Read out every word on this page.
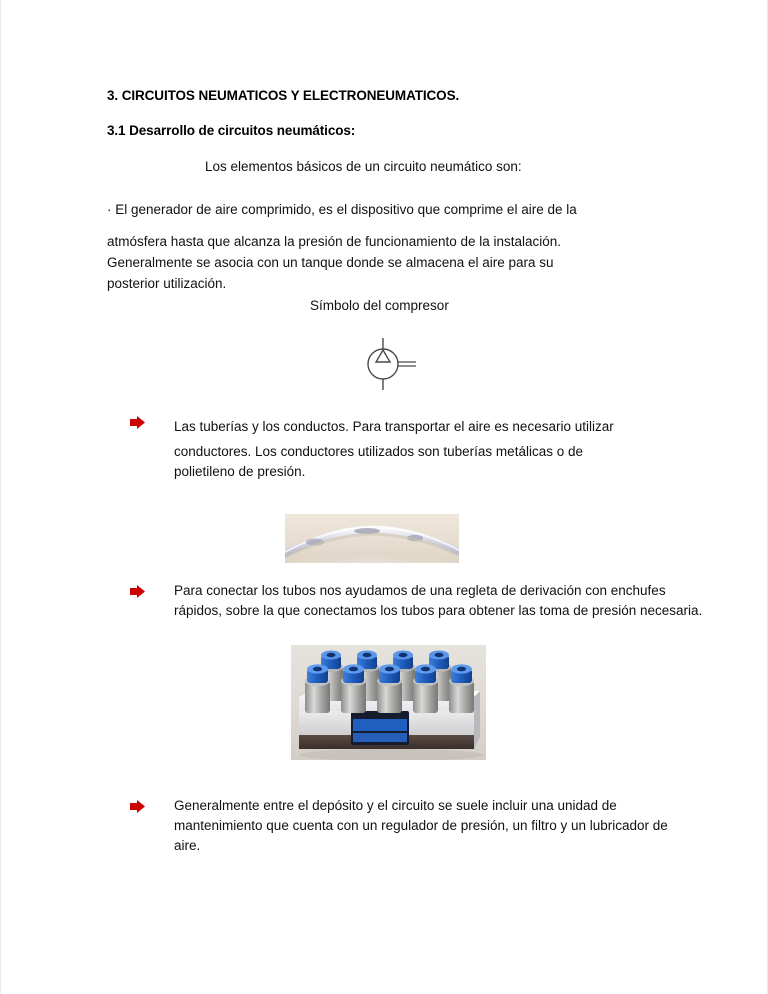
3. CIRCUITOS NEUMATICOS Y ELECTRONEUMATICOS.
3.1 Desarrollo de circuitos neumáticos:
Los elementos básicos de un circuito neumático son:
· El generador de aire comprimido, es el dispositivo que comprime el aire de la
atmósfera hasta que alcanza la presión de funcionamiento de la instalación.
Generalmente se asocia con un tanque donde se almacena el aire para su
posterior utilización.
Símbolo del compresor
Las tuberías y los conductos. Para transportar el aire es necesario utilizar
conductores. Los conductores utilizados son tuberías metálicas o de
polietileno de presión.
Para conectar los tubos nos ayudamos de una regleta de derivación con enchufes rápidos, sobre la que conectamos los tubos para obtener las toma de presión necesaria.
Generalmente entre el depósito y el circuito se suele incluir una unidad de mantenimiento que cuenta con un regulador de presión, un filtro y un lubricador de aire.
